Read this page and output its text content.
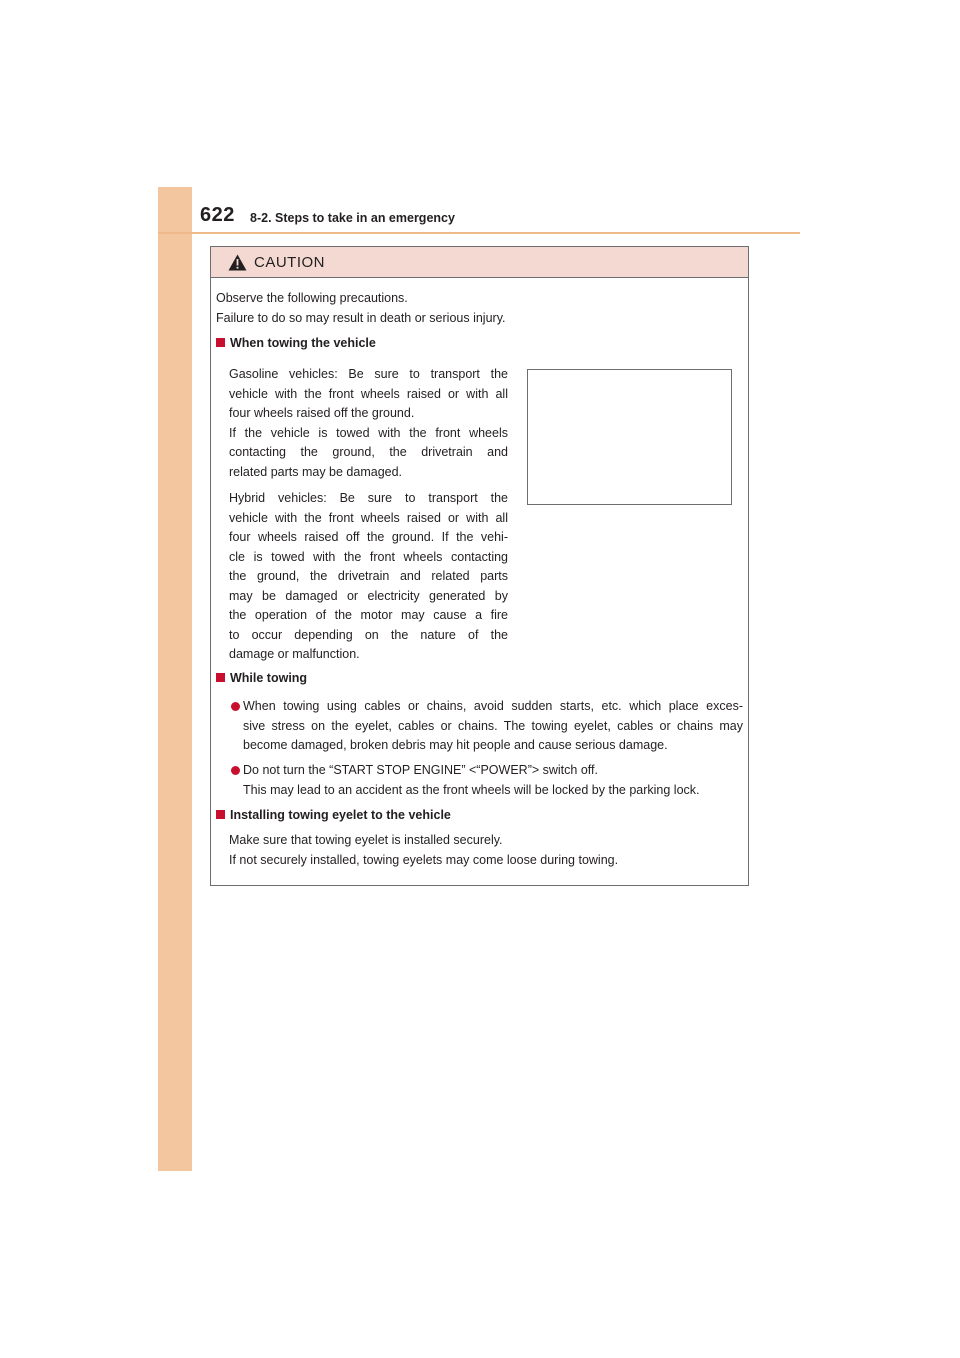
622 8-2. Steps to take in an emergency
CAUTION
Observe the following precautions.
Failure to do so may result in death or serious injury.
When towing the vehicle
Gasoline vehicles: Be sure to transport the
vehicle with the front wheels raised or with all
four wheels raised off the ground.
If the vehicle is towed with the front wheels
contacting the ground, the drivetrain and
related parts may be damaged.
Hybrid vehicles: Be sure to transport the
vehicle with the front wheels raised or with all
four wheels raised off the ground. If the vehi-
cle is towed with the front wheels contacting
the ground, the drivetrain and related parts
may be damaged or electricity generated by
the operation of the motor may cause a fire
to occur depending on the nature of the
damage or malfunction.
While towing
When towing using cables or chains, avoid sudden starts, etc. which place exces-
sive stress on the eyelet, cables or chains. The towing eyelet, cables or chains may
become damaged, broken debris may hit people and cause serious damage.
Do not turn the “START STOP ENGINE” <“POWER”> switch off.
This may lead to an accident as the front wheels will be locked by the parking lock.
Installing towing eyelet to the vehicle
Make sure that towing eyelet is installed securely.
If not securely installed, towing eyelets may come loose during towing.
